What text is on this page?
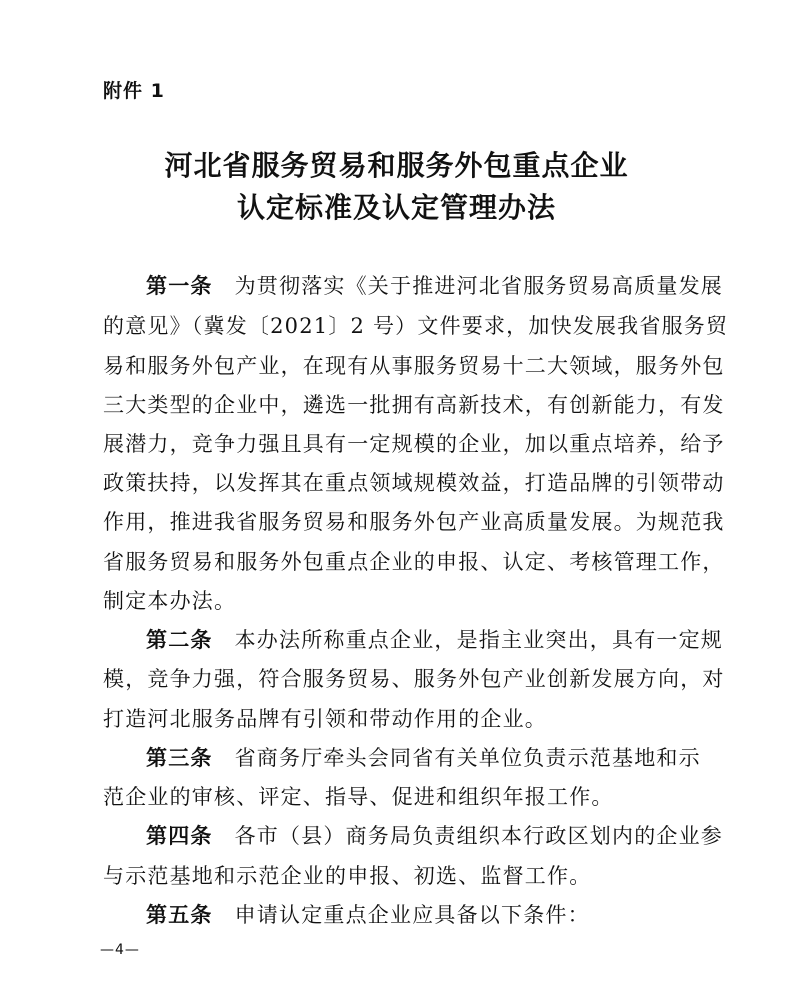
附件 1
河北省服务贸易和服务外包重点企业
认定标准及认定管理办法
第一条 为贯彻落实《关于推进河北省服务贸易高质量发展
的意见》（冀发〔2021〕2 号）文件要求，加快发展我省服务贸
易和服务外包产业，在现有从事服务贸易十二大领域，服务外包
三大类型的企业中，遴选一批拥有高新技术，有创新能力，有发
展潜力，竞争力强且具有一定规模的企业，加以重点培养，给予
政策扶持，以发挥其在重点领域规模效益，打造品牌的引领带动
作用，推进我省服务贸易和服务外包产业高质量发展。为规范我
省服务贸易和服务外包重点企业的申报、认定、考核管理工作，
制定本办法。
第二条 本办法所称重点企业，是指主业突出，具有一定规
模，竞争力强，符合服务贸易、服务外包产业创新发展方向，对
打造河北服务品牌有引领和带动作用的企业。
第三条 省商务厅牵头会同省有关单位负责示范基地和示
范企业的审核、评定、指导、促进和组织年报工作。
第四条 各市（县）商务局负责组织本行政区划内的企业参
与示范基地和示范企业的申报、初选、监督工作。
第五条 申请认定重点企业应具备以下条件：
—4—
